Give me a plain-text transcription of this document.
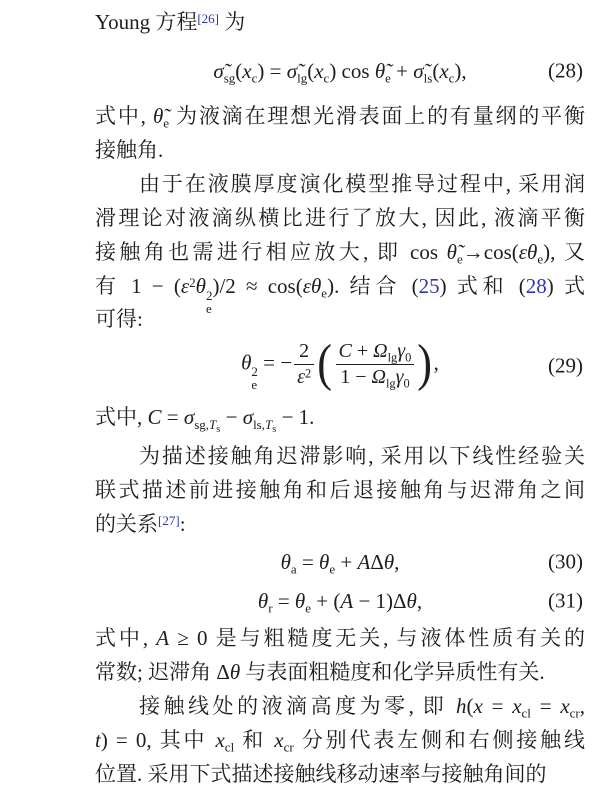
Young 方程[26] 为
$\sigmã_{sg}(x_c)$ = $\sigmã_{lg}(x_c)$ $\cos \thetã_e$ + $\sigmã_{ls}(x_c)$,	(28)
式中, $\thetã_e$ 为液滴在理想光滑表面上的有量纲的平衡
接触角.
由于在液膜厚度演化模型推导过程中, 采用润
滑理论对液滴纵横比进行了放大, 因此, 液滴平衡
接触角也需进行相应放大, 即 $\cos \thetã_e\to\cos(\varepsilon\theta_e)$, 又
有 $1 - (\varepsilon^2\theta$ 2
e
)$/2 \approx \cos(\varepsilon\theta_e)$. 结合 (25) 式和 (28) 式
可得:
θ 2
e
= − $\frac{2}{\varepsilon^2}$ ( $\frac{C + \Omega_{lg}\gamma_0}{1 - \Omega_{lg}\gamma_0}$ ),	(29)
式中, $C = \sigma_{sg,T_s} - \sigma_{ls,T_s} - 1$.
为描述接触角迟滞影响, 采用以下线性经验关
联式描述前进接触角和后退接触角与迟滞角之间
的关系[27]:
$\theta_a = \theta_e + A\Delta\theta$,	(30)
$\theta_r = \theta_e + (A - 1)\Delta\theta$,	(31)
式中, A ≥ 0 是与粗糙度无关, 与液体性质有关的
常数; 迟滞角 Δθ 与表面粗糙度和化学异质性有关.
接触线处的液滴高度为零, 即 $h(x = x_{cl} = x_{cr}$,
t) = 0, 其中 $x_{cl}$ 和 $x_{cr}$ 分别代表左侧和右侧接触线
位置. 采用下式描述接触线移动速率与接触角间的
